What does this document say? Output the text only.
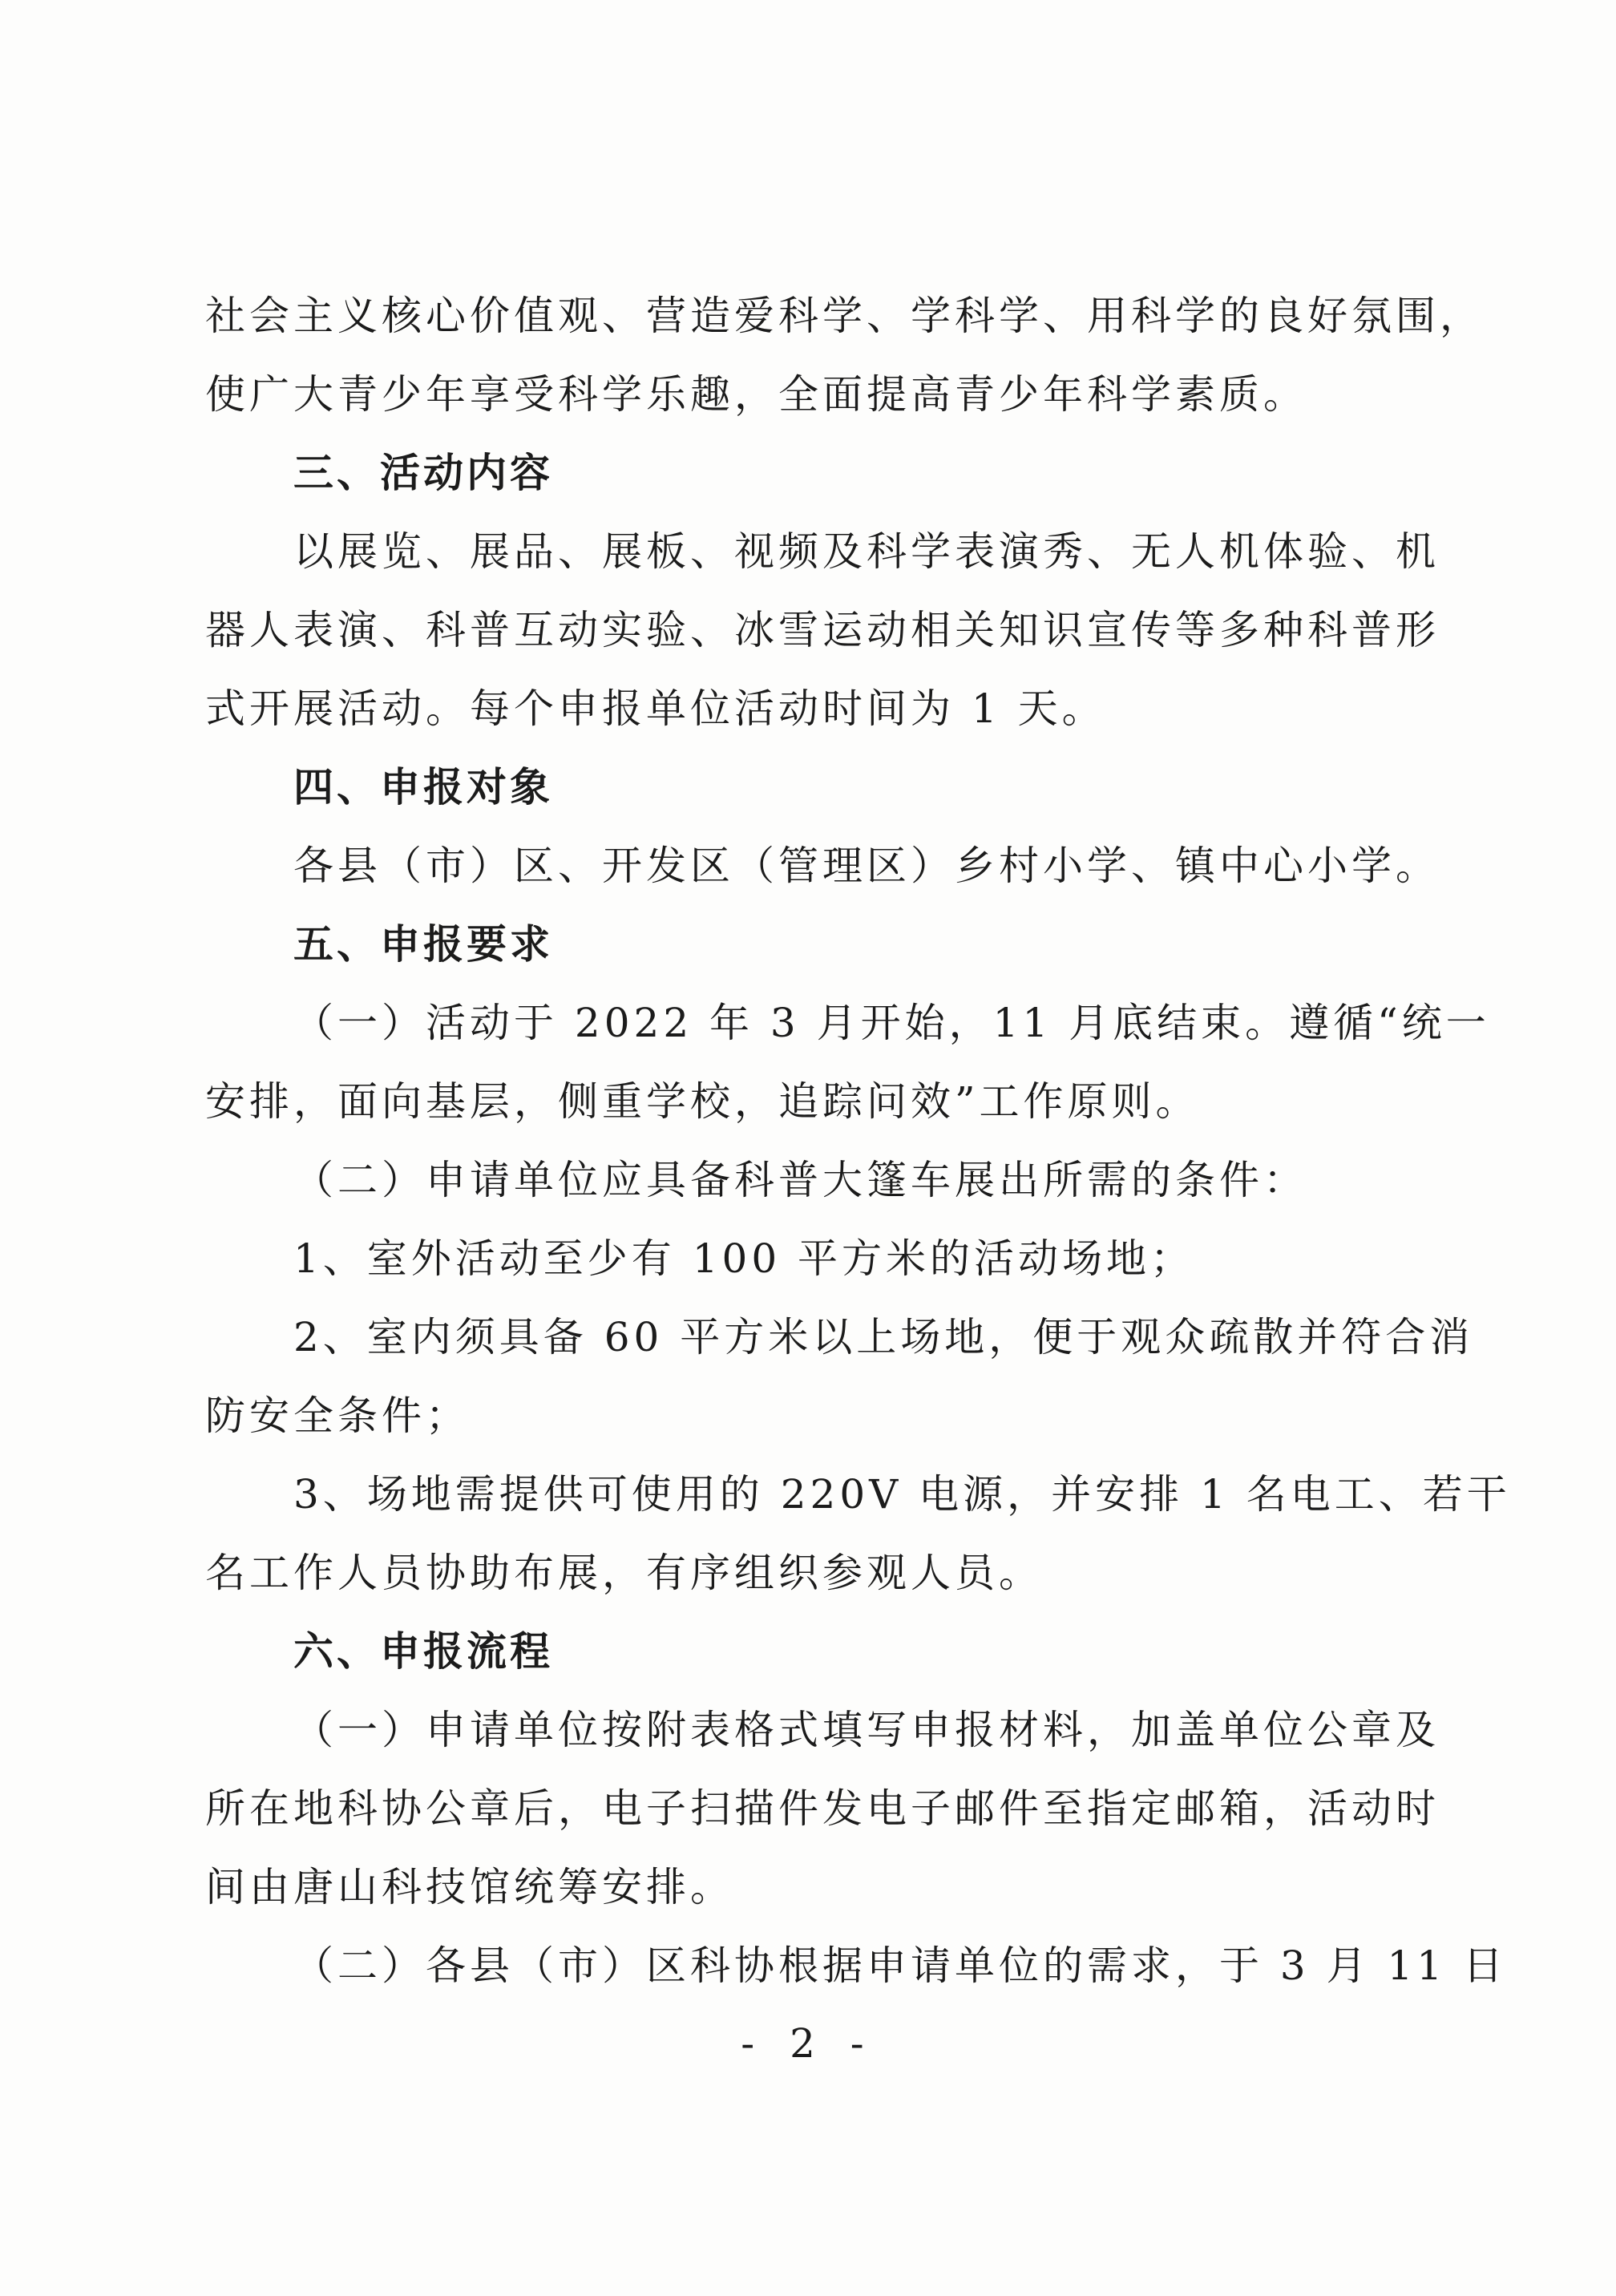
社会主义核心价值观、营造爱科学、学科学、用科学的良好氛围，
使广大青少年享受科学乐趣，全面提高青少年科学素质。
三、活动内容
以展览、展品、展板、视频及科学表演秀、无人机体验、机
器人表演、科普互动实验、冰雪运动相关知识宣传等多种科普形
式开展活动。每个申报单位活动时间为 1 天。
四、申报对象
各县（市）区、开发区（管理区）乡村小学、镇中心小学。
五、申报要求
（一）活动于 2022 年 3 月开始，11 月底结束。遵循“统一
安排，面向基层，侧重学校，追踪问效”工作原则。
（二）申请单位应具备科普大篷车展出所需的条件：
1、室外活动至少有 100 平方米的活动场地；
2、室内须具备 60 平方米以上场地，便于观众疏散并符合消
防安全条件；
3、场地需提供可使用的 220V 电源，并安排 1 名电工、若干
名工作人员协助布展，有序组织参观人员。
六、申报流程
（一）申请单位按附表格式填写申报材料，加盖单位公章及
所在地科协公章后，电子扫描件发电子邮件至指定邮箱，活动时
间由唐山科技馆统筹安排。
（二）各县（市）区科协根据申请单位的需求，于 3 月 11 日
- 2 -
